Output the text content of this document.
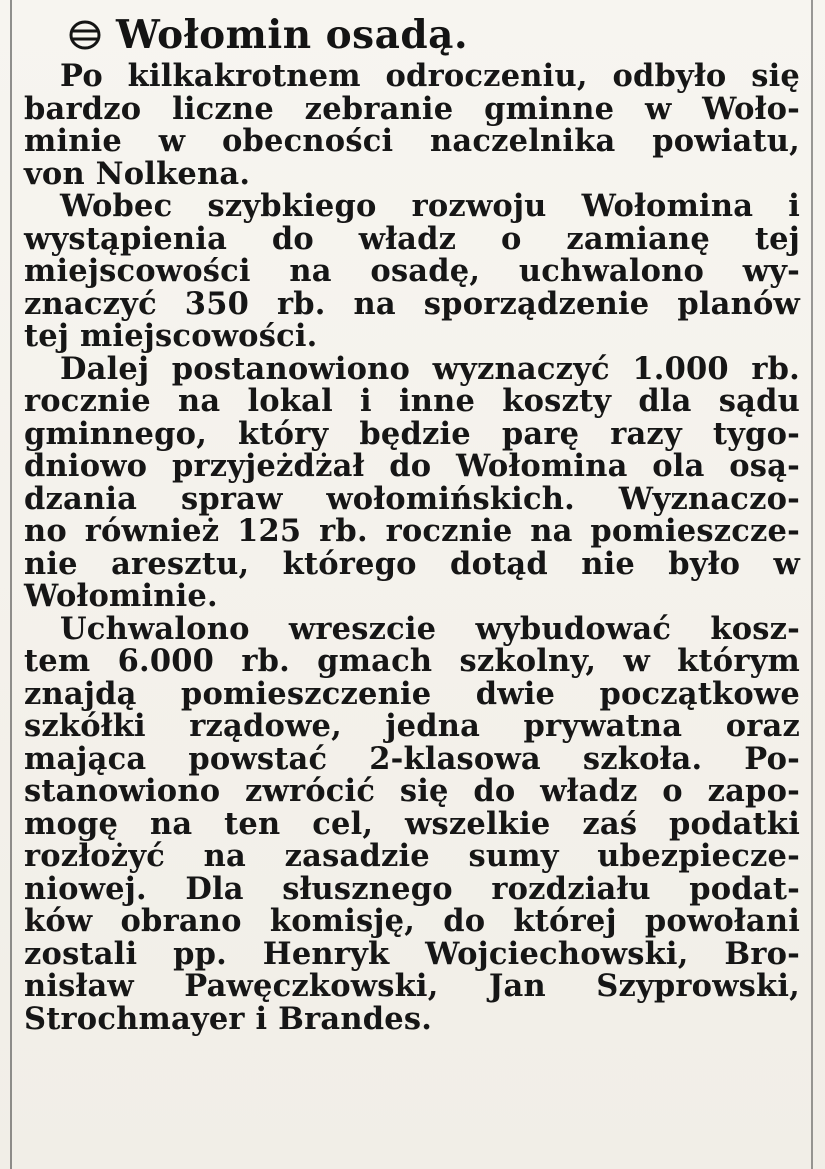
Wołomin osadą.
Po kilkakrotnem odroczeniu, odbyło się
bardzo liczne zebranie gminne w Woło-
minie w obecności naczelnika powiatu,
von Nolkena.
Wobec szybkiego rozwoju Wołomina i
wystąpienia do władz o zamianę tej
miejscowości na osadę, uchwalono wy-
znaczyć 350 rb. na sporządzenie planów
tej miejscowości.
Dalej postanowiono wyznaczyć 1.000 rb.
rocznie na lokal i inne koszty dla sądu
gminnego, który będzie parę razy tygo-
dniowo przyjeżdżał do Wołomina ola osą-
dzania spraw wołomińskich. Wyznaczo-
no również 125 rb. rocznie na pomieszcze-
nie aresztu, którego dotąd nie było w
Wołominie.
Uchwalono wreszcie wybudować kosz-
tem 6.000 rb. gmach szkolny, w którym
znajdą pomieszczenie dwie początkowe
szkółki rządowe, jedna prywatna oraz
mająca powstać 2-klasowa szkoła. Po-
stanowiono zwrócić się do władz o zapo-
mogę na ten cel, wszelkie zaś podatki
rozłożyć na zasadzie sumy ubezpiecze-
niowej. Dla słusznego rozdziału podat-
ków obrano komisję, do której powołani
zostali pp. Henryk Wojciechowski, Bro-
nisław Pawęczkowski, Jan Szyprowski,
Strochmayer i Brandes.
